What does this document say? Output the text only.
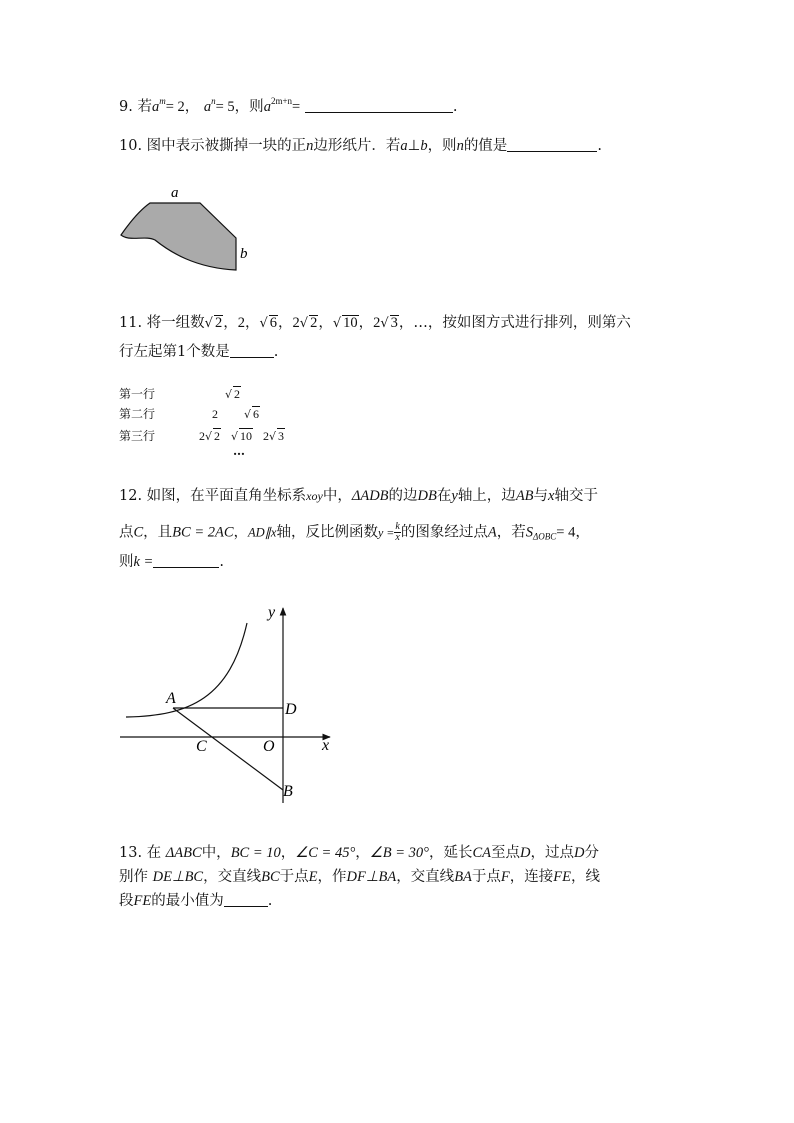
9. 若$a^m= 2$， $a^n= 5$，则$a^{2m+n}=$	.
10. 图中表示被撕掉一块的正n边形纸片．若a⊥b，则n的值是	.
a
b
11. 将一组数√ 2，2，√ 6，2√ 2，√ 10，2√ 3，…，按如图方式进行排列，则第六
行左起第1个数是	.
第一行	√ 2
第二行	2 √ 6
第三行	2√ 2 √ 10 2√ 3
…
12. 如图，在平面直角坐标系xoy中，ΔADB的边DB在y轴上，边AB与x轴交于
点C，且BC = 2AC，AD∥x轴，反比例函数$y = \frac{k}{x}$ 的图象经过点A，若$S_{\Delta OBC}= 4$，
则k =	.
y
x
A
D
C	O
B
13. 在 ΔABC中，BC = 10，∠C = 45°，∠B = 30°，延长CA至点D，过点D分
别作 DE⊥BC，交直线BC于点E，作DF⊥BA，交直线BA于点F，连接FE，线
段FE的最小值为	.
